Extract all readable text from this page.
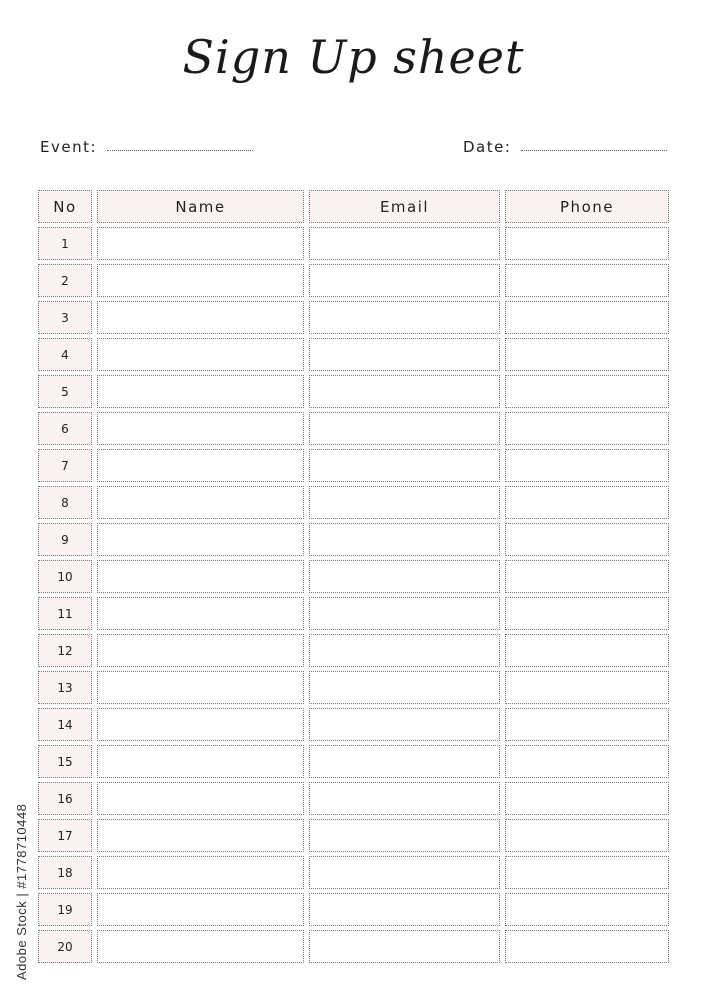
Sign Up sheet
Event:	Date:
No	Name	Email	Phone
1
2
3
4
5
6
7
8
9
10
11
12
13
14
15
16
17
18
19
20
Adobe Stock | #1778710448
